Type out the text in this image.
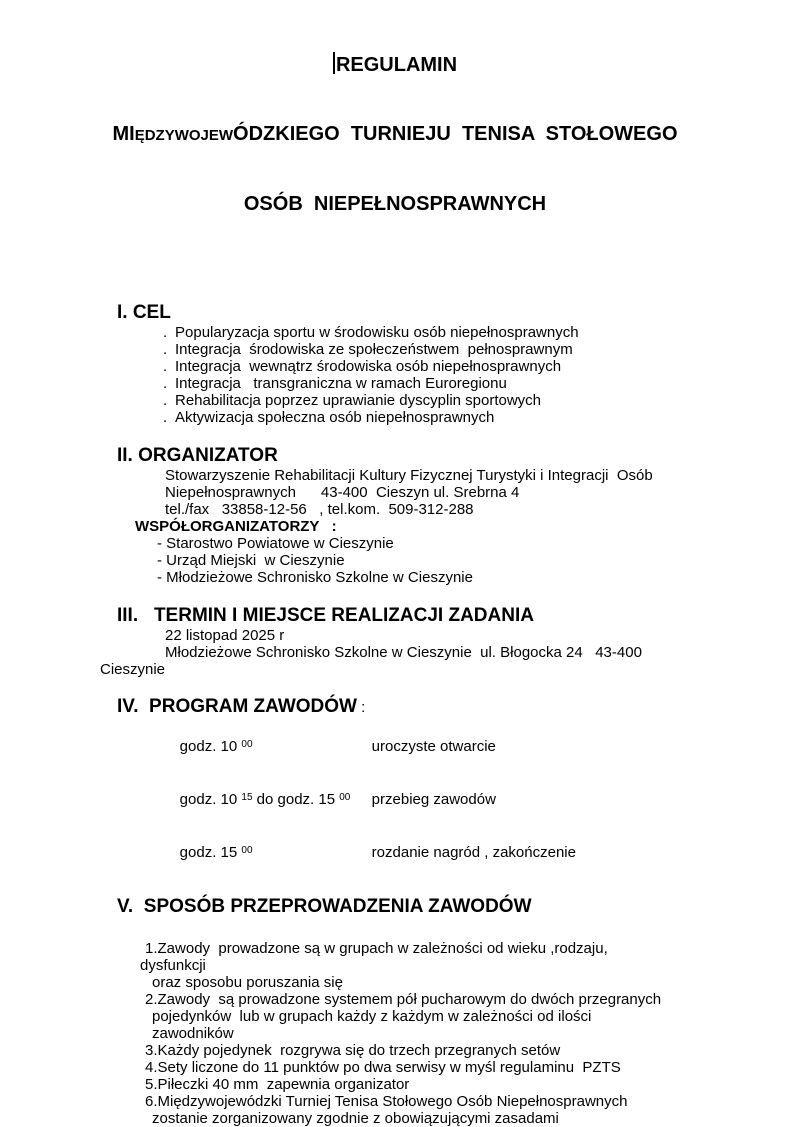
REGULAMIN

MIĘDZYWOJEWÓDZKIEGO  TURNIEJU  TENISA  STOŁOWEGO

OSÓB  NIEPEŁNOSPRAWNYCH

I. CEL
. Popularyzacja sportu w środowisku osób niepełnosprawnych
. Integracja  środowiska ze społeczeństwem  pełnosprawnym
. Integracja  wewnątrz środowiska osób niepełnosprawnych
. Integracja   transgraniczna w ramach Euroregionu
. Rehabilitacja poprzez uprawianie dyscyplin sportowych
. Aktywizacja społeczna osób niepełnosprawnych
II. ORGANIZATOR
Stowarzyszenie Rehabilitacji Kultury Fizycznej Turystyki i Integracji  Osób
Niepełnosprawnych      43-400  Cieszyn ul. Srebrna 4
tel./fax   33858-12-56   , tel.kom.  509-312-288
WSPÓŁORGANIZATORZY   :
- Starostwo Powiatowe w Cieszynie
- Urząd Miejski  w Cieszynie
- Młodzieżowe Schronisko Szkolne w Cieszynie
III.   TERMIN I MIEJSCE REALIZACJI ZADANIA
22 listopad 2025 r
Młodzieżowe Schronisko Szkolne w Cieszynie  ul. Błogocka 24   43-400
Cieszynie
IV.  PROGRAM ZAWODÓW :

godz. 10 $^{00}$	uroczyste otwarcie

godz. 10 $^{15}$ do godz. 15 $^{00}$ przebieg zawodów

godz. 15 $^{00}$	rozdanie nagród , zakończenie

V.  SPOSÓB PRZEPROWADZENIA ZAWODÓW
1.Zawody  prowadzone są w grupach w zależności od wieku ,rodzaju,
dysfunkcji
oraz sposobu poruszania się
2.Zawody  są prowadzone systemem pół pucharowym do dwóch przegranych
pojedynków  lub w grupach każdy z każdym w zależności od ilości
zawodników
3.Każdy pojedynek  rozgrywa się do trzech przegranych setów
4.Sety liczone do 11 punktów po dwa serwisy w myśl regulaminu  PZTS
5.Piłeczki 40 mm  zapewnia organizator
6.Międzywojewódzki Turniej Tenisa Stołowego Osób Niepełnosprawnych
zostanie zorganizowany zgodnie z obowiązującymi zasadami
